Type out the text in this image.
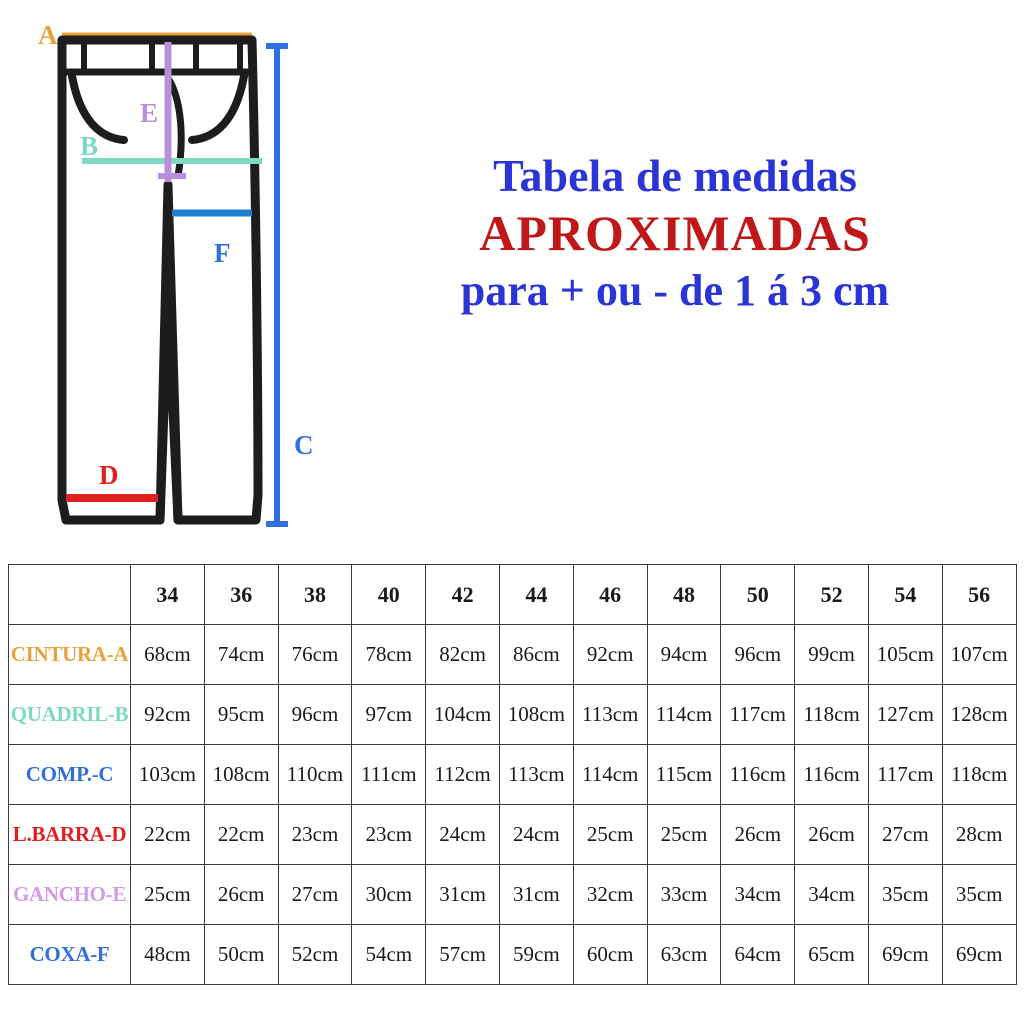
A
B
C
D
E
F
Tabela de medidas
APROXIMADAS
para + ou - de 1 á 3 cm
	34	36	38	40	42	44	46	48	50	52	54	56
CINTURA-A	68cm	74cm	76cm	78cm	82cm	86cm	92cm	94cm	96cm	99cm	105cm	107cm
QUADRIL-B	92cm	95cm	96cm	97cm	104cm	108cm	113cm	114cm	117cm	118cm	127cm	128cm
COMP.-C	103cm	108cm	110cm	111cm	112cm	113cm	114cm	115cm	116cm	116cm	117cm	118cm
L.BARRA-D	22cm	22cm	23cm	23cm	24cm	24cm	25cm	25cm	26cm	26cm	27cm	28cm
GANCHO-E	25cm	26cm	27cm	30cm	31cm	31cm	32cm	33cm	34cm	34cm	35cm	35cm
COXA-F	48cm	50cm	52cm	54cm	57cm	59cm	60cm	63cm	64cm	65cm	69cm	69cm
